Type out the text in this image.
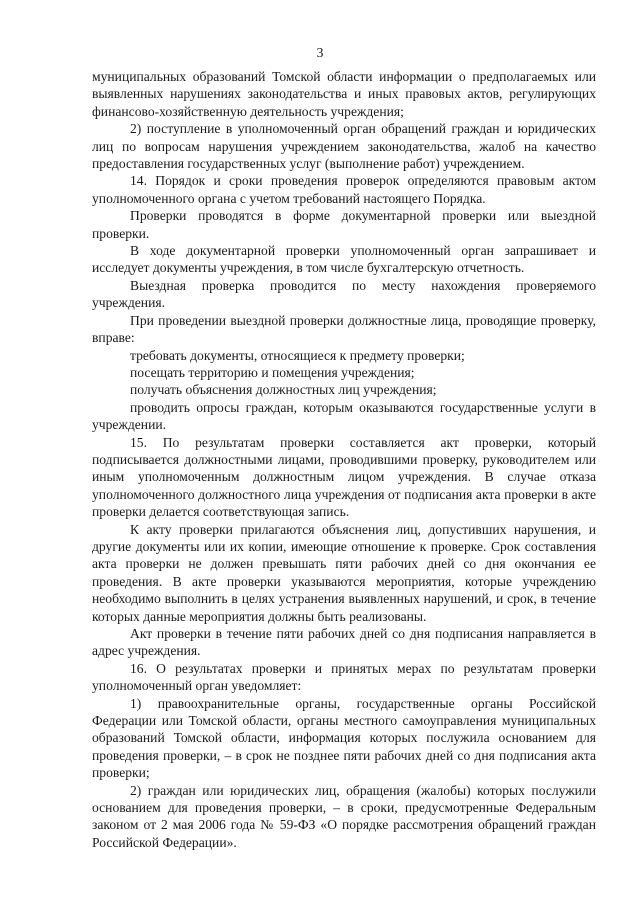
3

муниципальных образований Томской области информации о предполагаемых или выявленных нарушениях законодательства и иных правовых актов, регулирующих финансово-хозяйственную деятельность учреждения;

2) поступление в уполномоченный орган обращений граждан и юридических лиц по вопросам нарушения учреждением законодательства, жалоб на качество предоставления государственных услуг (выполнение работ) учреждением.

14. Порядок и сроки проведения проверок определяются правовым актом уполномоченного органа с учетом требований настоящего Порядка.

Проверки проводятся в форме документарной проверки или выездной проверки.

В ходе документарной проверки уполномоченный орган запрашивает и исследует документы учреждения, в том числе бухгалтерскую отчетность.

Выездная проверка проводится по месту нахождения проверяемого учреждения.

При проведении выездной проверки должностные лица, проводящие проверку, вправе:

требовать документы, относящиеся к предмету проверки;

посещать территорию и помещения учреждения;

получать объяснения должностных лиц учреждения;

проводить опросы граждан, которым оказываются государственные услуги в учреждении.

15. По результатам проверки составляется акт проверки, который подписывается должностными лицами, проводившими проверку, руководителем или иным уполномоченным должностным лицом учреждения. В случае отказа уполномоченного должностного лица учреждения от подписания акта проверки в акте проверки делается соответствующая запись.

К акту проверки прилагаются объяснения лиц, допустивших нарушения, и другие документы или их копии, имеющие отношение к проверке. Срок составления акта проверки не должен превышать пяти рабочих дней со дня окончания ее проведения. В акте проверки указываются мероприятия, которые учреждению необходимо выполнить в целях устранения выявленных нарушений, и срок, в течение которых данные мероприятия должны быть реализованы.

Акт проверки в течение пяти рабочих дней со дня подписания направляется в адрес учреждения.

16. О результатах проверки и принятых мерах по результатам проверки уполномоченный орган уведомляет:

1) правоохранительные органы, государственные органы Российской Федерации или Томской области, органы местного самоуправления муниципальных образований Томской области, информация которых послужила основанием для проведения проверки, – в срок не позднее пяти рабочих дней со дня подписания акта проверки;

2) граждан или юридических лиц, обращения (жалобы) которых послужили основанием для проведения проверки, – в сроки, предусмотренные Федеральным законом от 2 мая 2006 года № 59-ФЗ «О порядке рассмотрения обращений граждан Российской Федерации».
